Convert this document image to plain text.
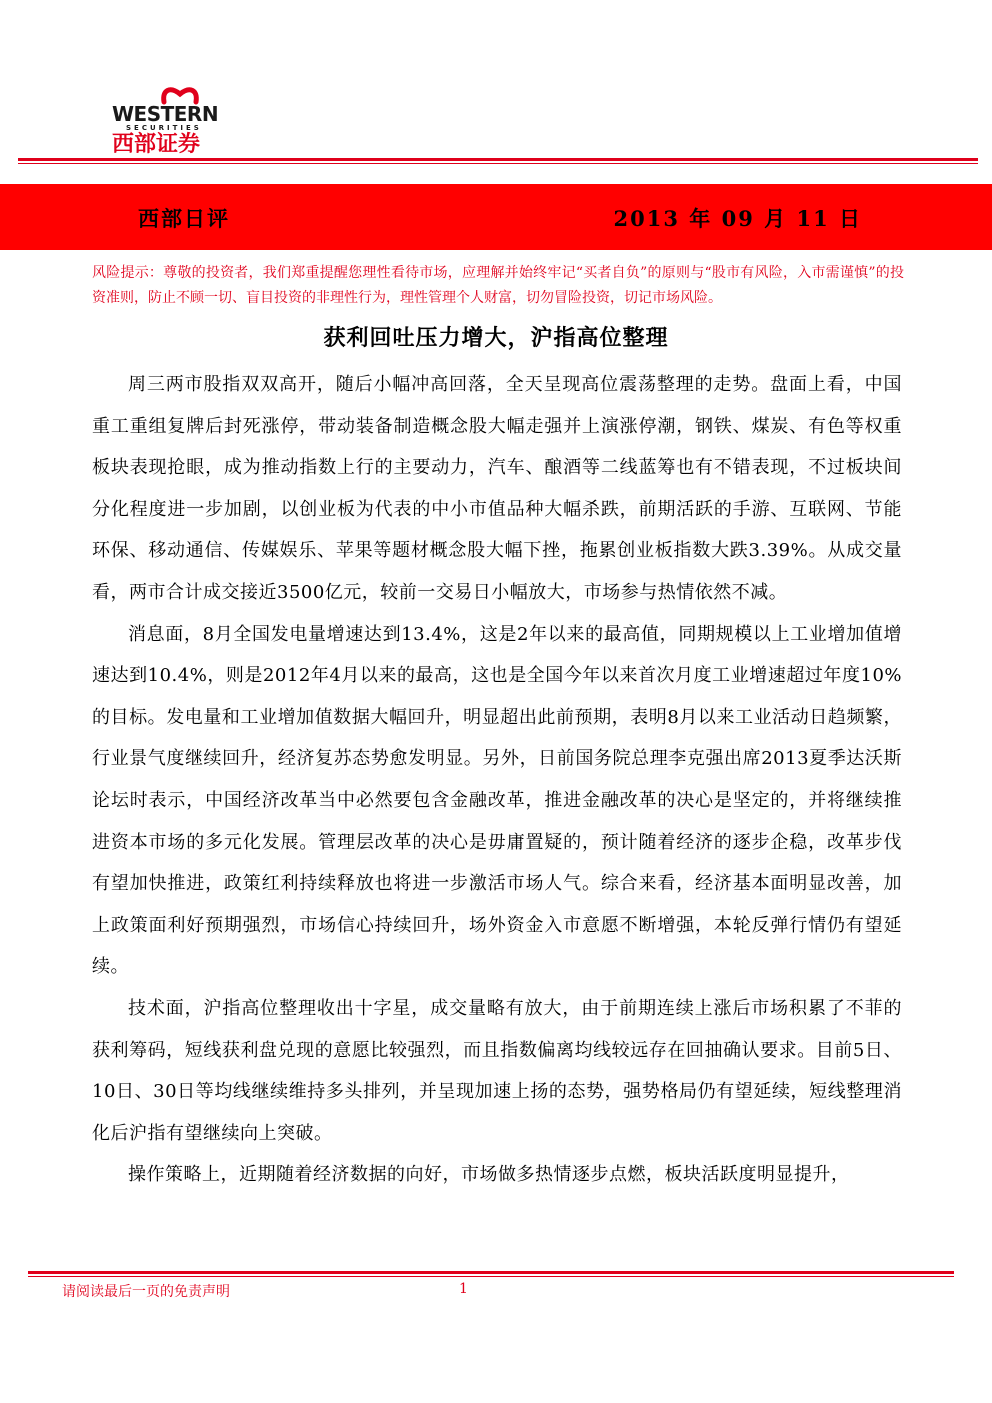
WESTERN
SECURITIES
西部证券
西部日评	2013 年 09 月 11 日
风险提示：尊敬的投资者，我们郑重提醒您理性看待市场，应理解并始终牢记“买者自负”的原则与“股市有风险，入市需谨慎”的投资准则，防止不顾一切、盲目投资的非理性行为，理性管理个人财富，切勿冒险投资，切记市场风险。
获利回吐压力增大，沪指高位整理

周三两市股指双双高开，随后小幅冲高回落，全天呈现高位震荡整理的走势。盘面上看，中国重工重组复牌后封死涨停，带动装备制造概念股大幅走强并上演涨停潮，钢铁、煤炭、有色等权重板块表现抢眼，成为推动指数上行的主要动力，汽车、酿酒等二线蓝筹也有不错表现，不过板块间分化程度进一步加剧，以创业板为代表的中小市值品种大幅杀跌，前期活跃的手游、互联网、节能环保、移动通信、传媒娱乐、苹果等题材概念股大幅下挫，拖累创业板指数大跌3.39%。从成交量看，两市合计成交接近3500亿元，较前一交易日小幅放大，市场参与热情依然不减。

消息面，8月全国发电量增速达到13.4%，这是2年以来的最高值，同期规模以上工业增加值增速达到10.4%，则是2012年4月以来的最高，这也是全国今年以来首次月度工业增速超过年度10%的目标。发电量和工业增加值数据大幅回升，明显超出此前预期，表明8月以来工业活动日趋频繁，行业景气度继续回升，经济复苏态势愈发明显。另外，日前国务院总理李克强出席2013夏季达沃斯论坛时表示，中国经济改革当中必然要包含金融改革，推进金融改革的决心是坚定的，并将继续推进资本市场的多元化发展。管理层改革的决心是毋庸置疑的，预计随着经济的逐步企稳，改革步伐有望加快推进，政策红利持续释放也将进一步激活市场人气。综合来看，经济基本面明显改善，加上政策面利好预期强烈，市场信心持续回升，场外资金入市意愿不断增强，本轮反弹行情仍有望延续。

技术面，沪指高位整理收出十字星，成交量略有放大，由于前期连续上涨后市场积累了不菲的获利筹码，短线获利盘兑现的意愿比较强烈，而且指数偏离均线较远存在回抽确认要求。目前5日、10日、30日等均线继续维持多头排列，并呈现加速上扬的态势，强势格局仍有望延续，短线整理消化后沪指有望继续向上突破。

操作策略上，近期随着经济数据的向好，市场做多热情逐步点燃，板块活跃度明显提升，

请阅读最后一页的免责声明	1
